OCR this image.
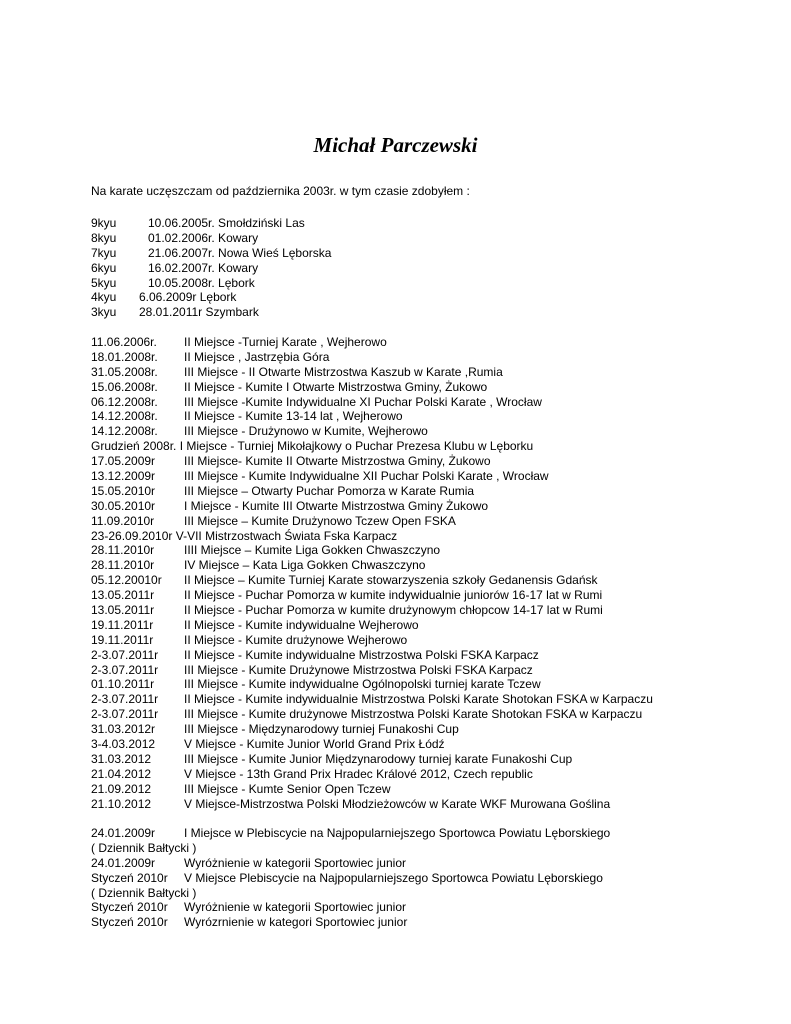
Michał Parczewski
Na karate uczęszczam od października 2003r. w tym czasie zdobyłem :
9kyu	10.06.2005r. Smołdziński Las
8kyu	01.02.2006r. Kowary
7kyu	21.06.2007r. Nowa Wieś Lęborska
6kyu	16.02.2007r. Kowary
5kyu	10.05.2008r. Lębork
4kyu 6.06.2009r Lębork
3kyu 28.01.2011r Szymbark
11.06.2006r. II Miejsce -Turniej Karate , Wejherowo
18.01.2008r. II Miejsce , Jastrzębia Góra
31.05.2008r. III Miejsce - II Otwarte Mistrzostwa Kaszub w Karate ,Rumia
15.06.2008r. II Miejsce - Kumite I Otwarte Mistrzostwa Gminy, Żukowo
06.12.2008r. III Miejsce -Kumite Indywidualne XI Puchar Polski Karate , Wrocław
14.12.2008r. II Miejsce - Kumite 13-14 lat , Wejherowo
14.12.2008r. III Miejsce - Drużynowo w Kumite, Wejherowo
Grudzień 2008r. I Miejsce - Turniej Mikołajkowy o Puchar Prezesa Klubu w Lęborku
17.05.2009r III Miejsce- Kumite II Otwarte Mistrzostwa Gminy, Żukowo
13.12.2009r III Miejsce - Kumite Indywidualne XII Puchar Polski Karate , Wrocław
15.05.2010r III Miejsce – Otwarty Puchar Pomorza w Karate Rumia
30.05.2010r I Miejsce - Kumite III Otwarte Mistrzostwa Gminy Żukowo
11.09.2010r III Miejsce – Kumite Drużynowo Tczew Open FSKA
23-26.09.2010r V-VII Mistrzostwach Świata Fska Karpacz
28.11.2010r IIII Miejsce – Kumite Liga Gokken Chwaszczyno
28.11.2010r IV Miejsce – Kata Liga Gokken Chwaszczyno
05.12.20010r II Miejsce – Kumite Turniej Karate stowarzyszenia szkoły Gedanensis Gdańsk
13.05.2011r II Miejsce - Puchar Pomorza w kumite indywidualnie juniorów 16-17 lat w Rumi
13.05.2011r II Miejsce - Puchar Pomorza w kumite drużynowym chłopcow 14-17 lat w Rumi
19.11.2011r	II Miejsce - Kumite indywidualne Wejherowo
19.11.2011r	II Miejsce - Kumite drużynowe Wejherowo
2-3.07.2011r II Miejsce - Kumite indywidualne Mistrzostwa Polski FSKA Karpacz
2-3.07.2011r III Miejsce - Kumite Drużynowe Mistrzostwa Polski FSKA Karpacz
01.10.2011r III Miejsce - Kumite indywidualne Ogólnopolski turniej karate Tczew
2-3.07.2011r II Miejsce - Kumite indywidualnie Mistrzostwa Polski Karate Shotokan FSKA w Karpaczu
2-3.07.2011r III Miejsce - Kumite drużynowe Mistrzostwa Polski Karate Shotokan FSKA w Karpaczu
31.03.2012r III Miejsce - Międzynarodowy turniej Funakoshi Cup
3-4.03.2012 V Miejsce - Kumite Junior World Grand Prix Łódź
31.03.2012	III Miejsce - Kumite Junior Międzynarodowy turniej karate Funakoshi Cup
21.04.2012	V Miejsce - 13th Grand Prix Hradec Králové 2012, Czech republic
21.09.2012	III Miejsce - Kumte Senior Open Tczew
21.10.2012	V Miejsce-Mistrzostwa Polski Młodzieżowców w Karate WKF Murowana Goślina
24.01.2009r I Miejsce w Plebiscycie na Najpopularniejszego Sportowca Powiatu Lęborskiego
( Dziennik Bałtycki )
24.01.2009r Wyróżnienie w kategorii Sportowiec junior
Styczeń 2010r V Miejsce Plebiscycie na Najpopularniejszego Sportowca Powiatu Lęborskiego
( Dziennik Bałtycki )
Styczeń 2010r Wyróżnienie w kategorii Sportowiec junior
Styczeń 2010r Wyrózrnienie w kategori Sportowiec junior
